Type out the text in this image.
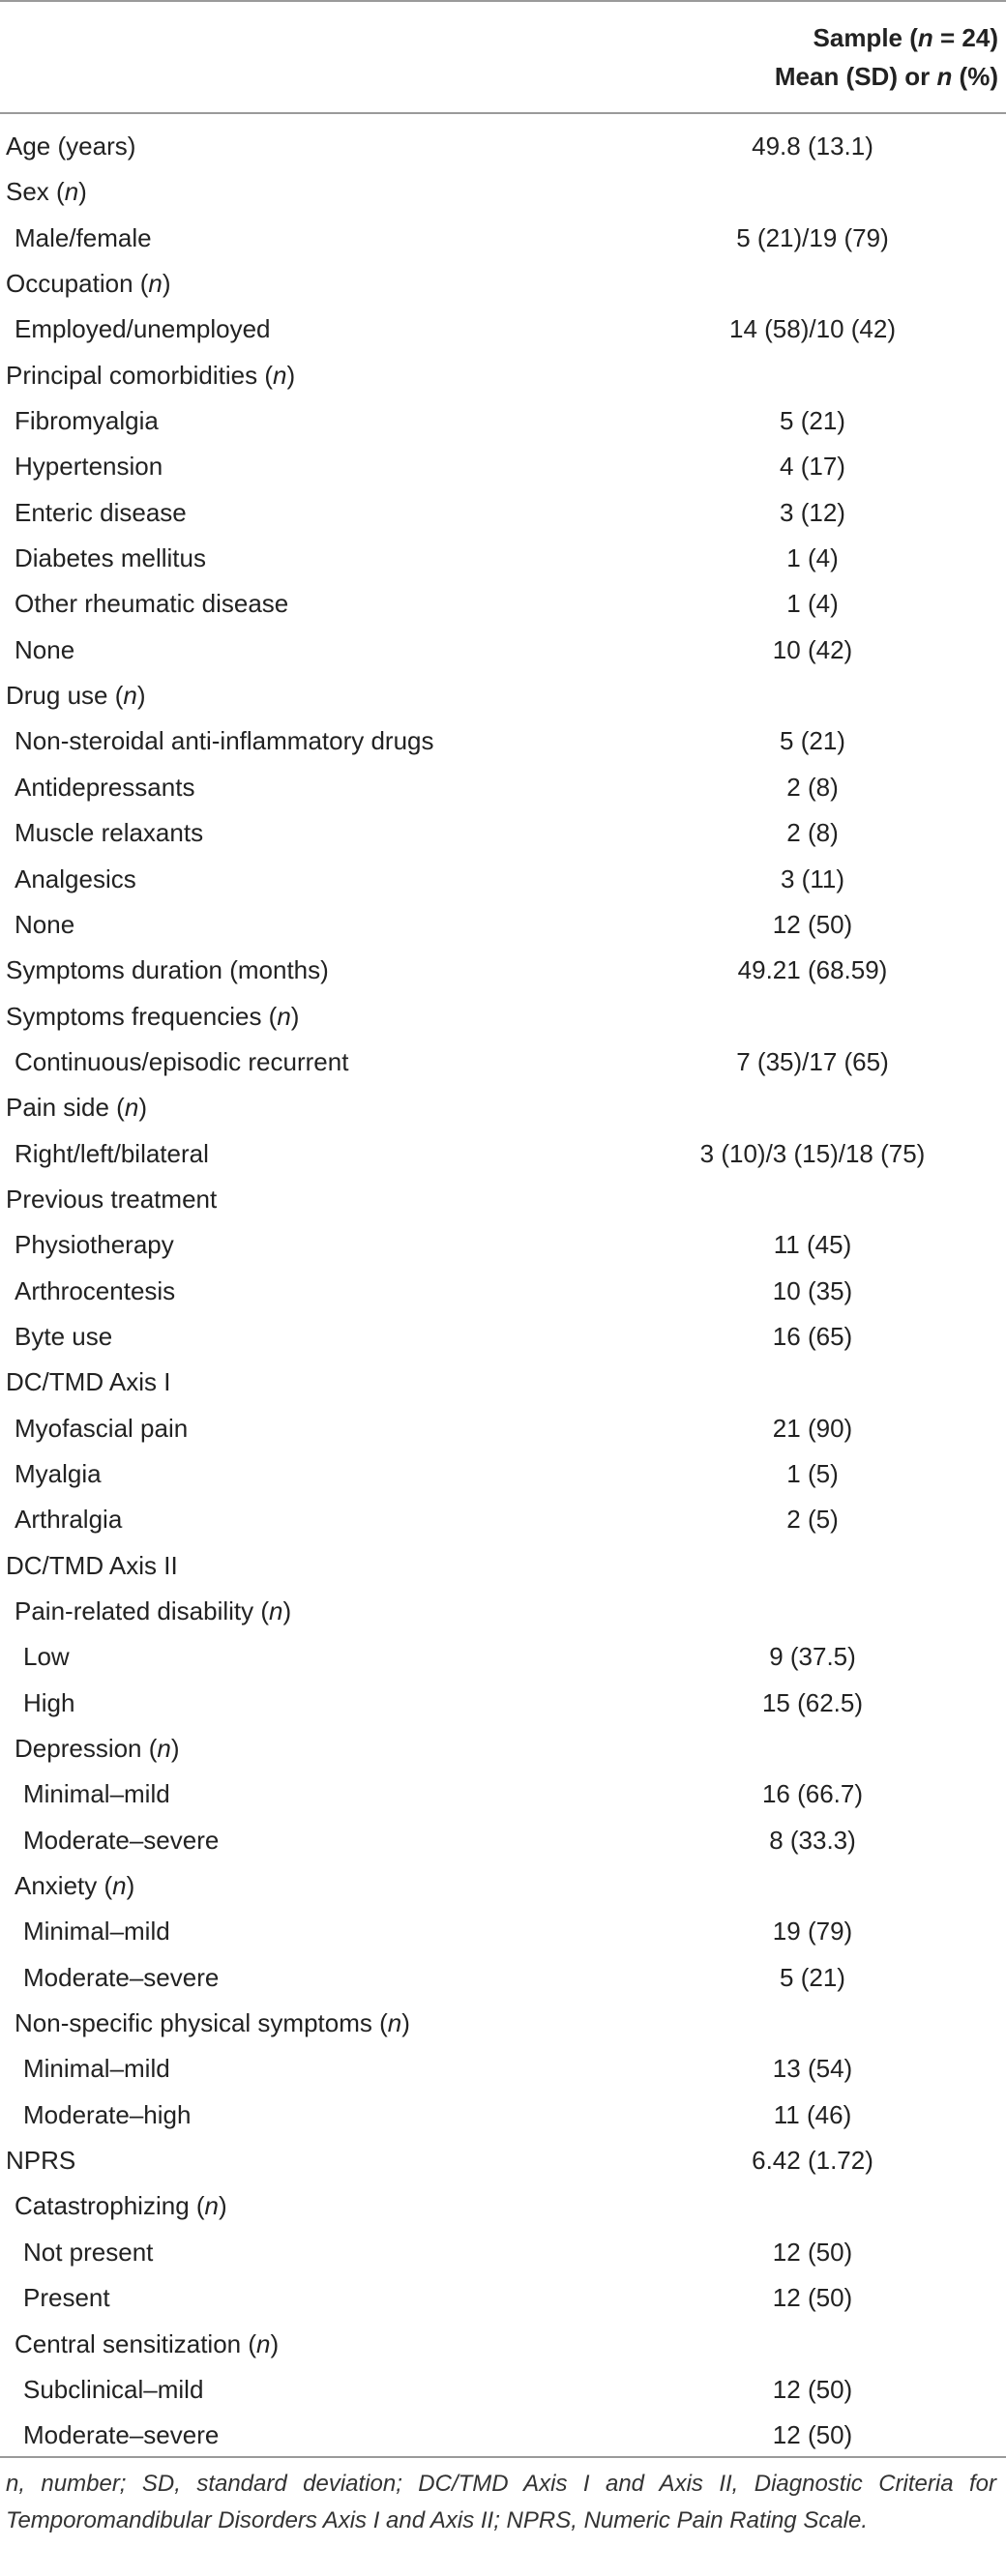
Sample (n = 24)
Mean (SD) or n (%)
Age (years)	49.8 (13.1)
Sex (n)
Male/female	5 (21)/19 (79)
Occupation (n)
Employed/unemployed	14 (58)/10 (42)
Principal comorbidities (n)
Fibromyalgia	5 (21)
Hypertension	4 (17)
Enteric disease	3 (12)
Diabetes mellitus	1 (4)
Other rheumatic disease	1 (4)
None	10 (42)
Drug use (n)
Non-steroidal anti-inflammatory drugs	5 (21)
Antidepressants	2 (8)
Muscle relaxants	2 (8)
Analgesics	3 (11)
None	12 (50)
Symptoms duration (months)	49.21 (68.59)
Symptoms frequencies (n)
Continuous/episodic recurrent	7 (35)/17 (65)
Pain side (n)
Right/left/bilateral	3 (10)/3 (15)/18 (75)
Previous treatment
Physiotherapy	11 (45)
Arthrocentesis	10 (35)
Byte use	16 (65)
DC/TMD Axis I
Myofascial pain	21 (90)
Myalgia	1 (5)
Arthralgia	2 (5)
DC/TMD Axis II
Pain-related disability (n)
Low	9 (37.5)
High	15 (62.5)
Depression (n)
Minimal–mild	16 (66.7)
Moderate–severe	8 (33.3)
Anxiety (n)
Minimal–mild	19 (79)
Moderate–severe	5 (21)
Non-specific physical symptoms (n)
Minimal–mild	13 (54)
Moderate–high	11 (46)
NPRS	6.42 (1.72)
Catastrophizing (n)
Not present	12 (50)
Present	12 (50)
Central sensitization (n)
Subclinical–mild	12 (50)
Moderate–severe	12 (50)
n, number; SD, standard deviation; DC/TMD Axis I and Axis II, Diagnostic Criteria for Temporomandibular Disorders Axis I and Axis II; NPRS, Numeric Pain Rating Scale.
